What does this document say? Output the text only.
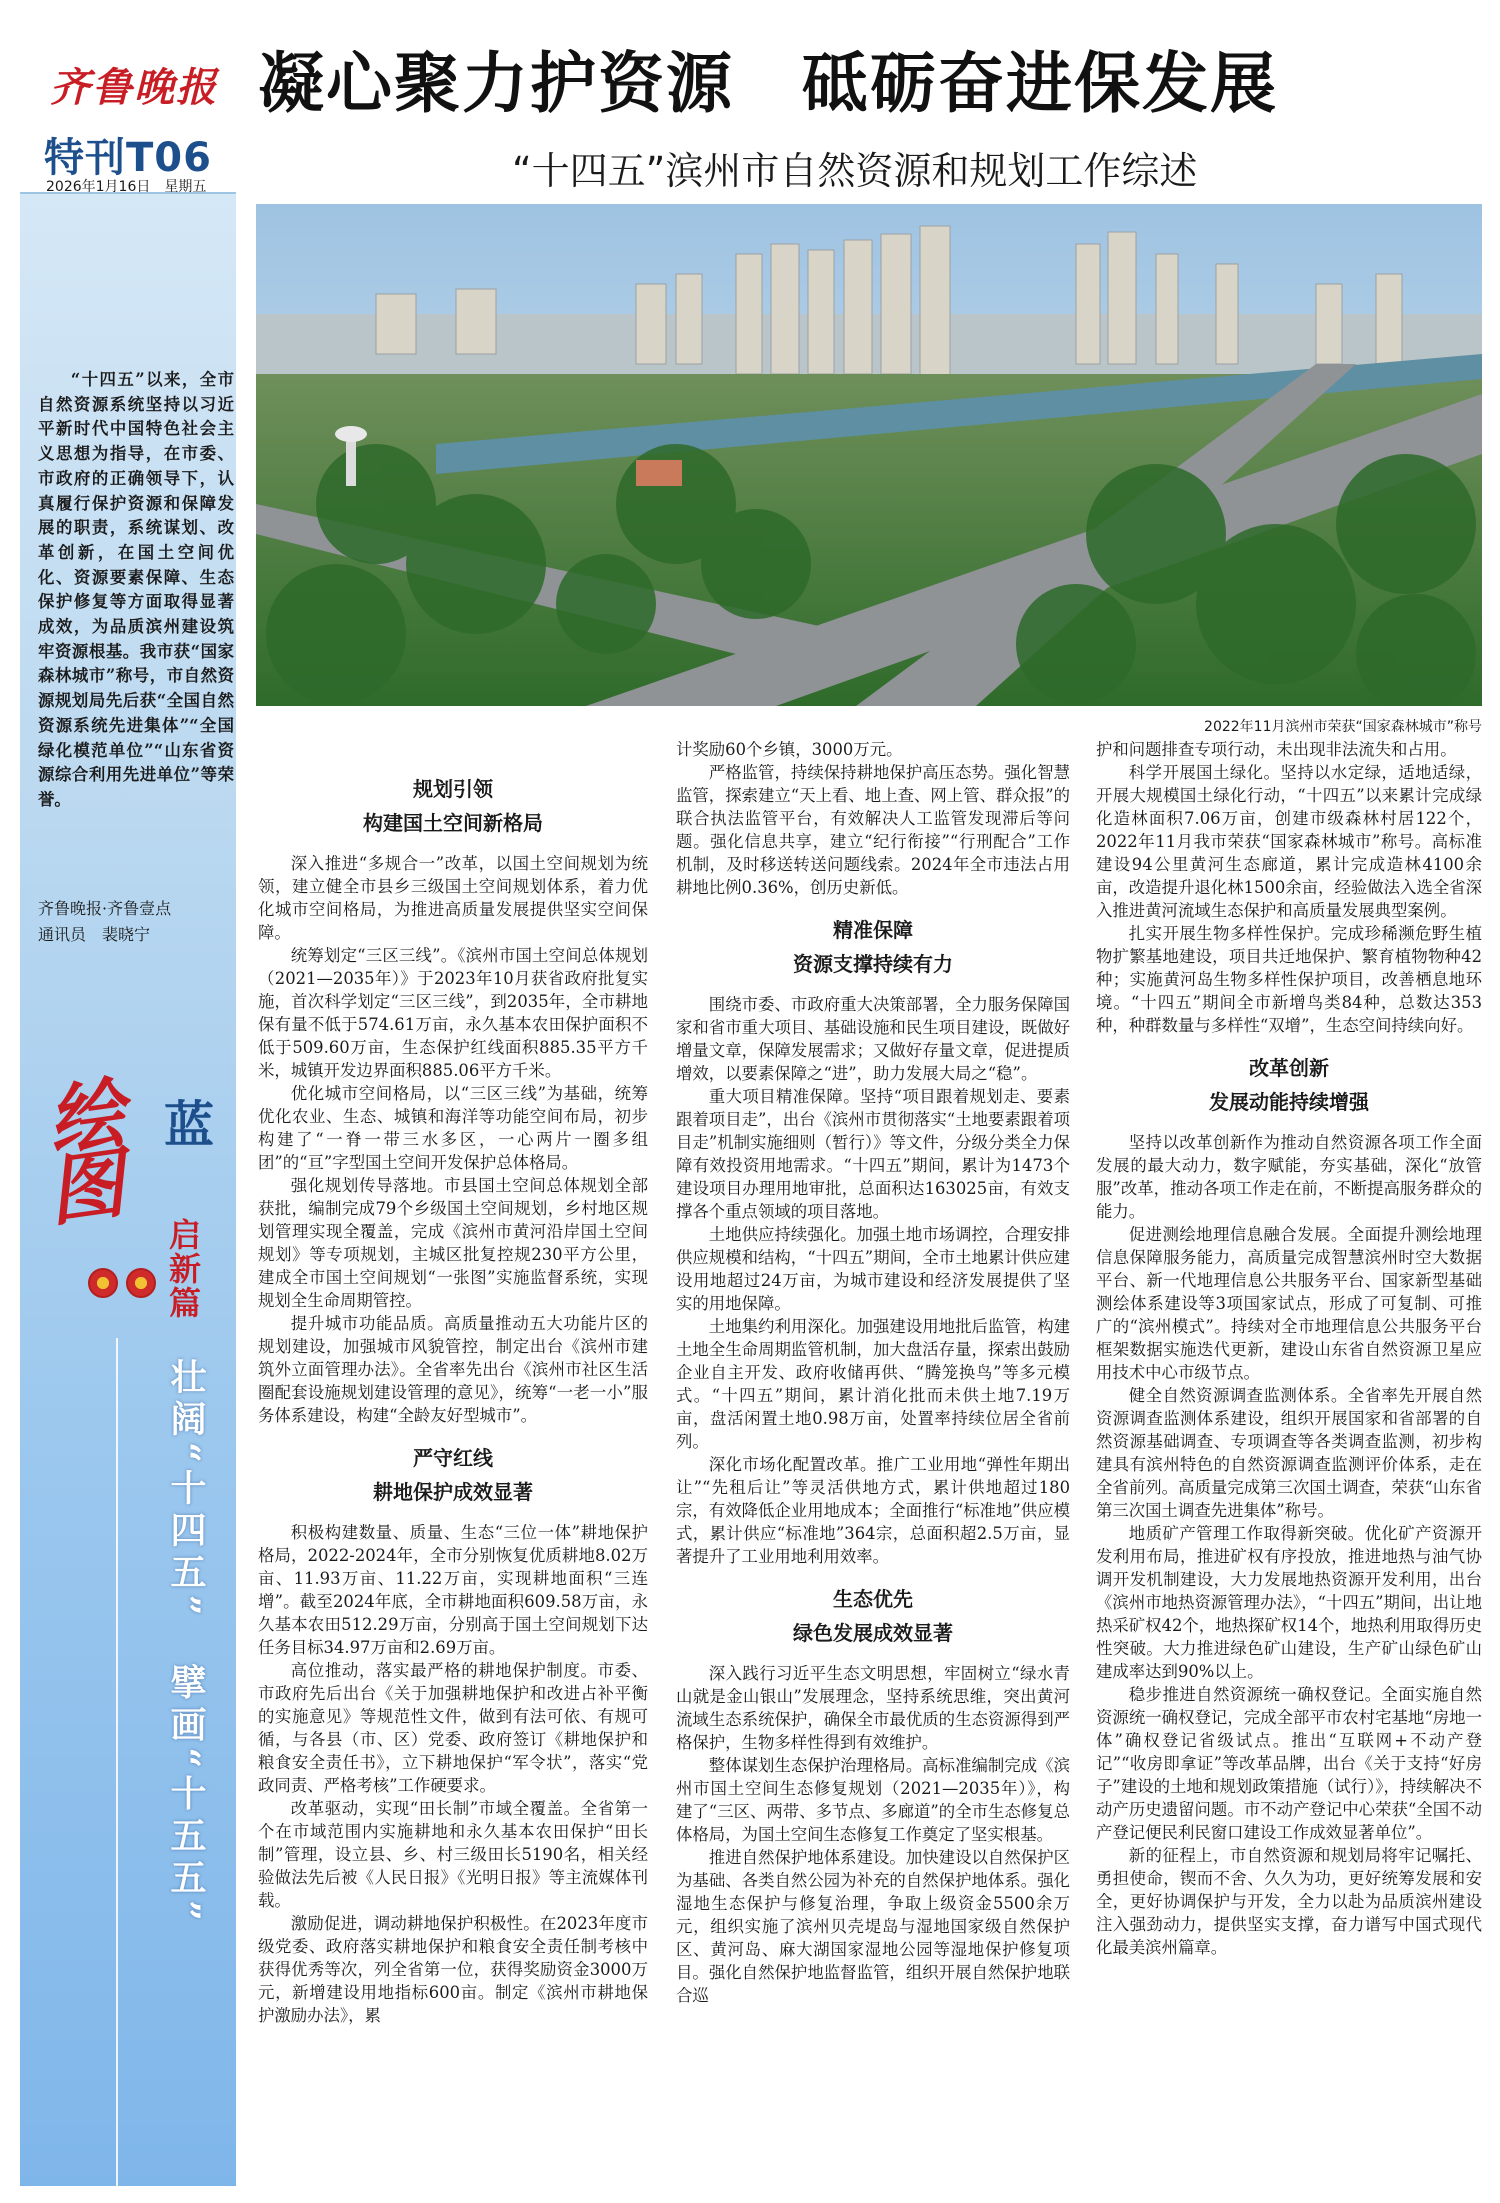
齐鲁晚报
特刊T06
2026年1月16日 星期五
“十四五”以来，全市自然资源系统坚持以习近平新时代中国特色社会主义思想为指导，在市委、市政府的正确领导下，认真履行保护资源和保障发展的职责，系统谋划、改革创新，在国土空间优化、资源要素保障、生态保护修复等方面取得显著成效，为品质滨州建设筑牢资源根基。我市获“国家森林城市”称号，市自然资源规划局先后获“全国自然资源系统先进集体”“全国绿化模范单位”“山东省资源综合利用先进单位”等荣誉。
齐鲁晚报·齐鲁壹点
通讯员　裴晓宁
绘
图
蓝
启新篇
壮阔“十四五”　擘画“十五五”
凝心聚力护资源　砥砺奋进保发展
“十四五”滨州市自然资源和规划工作综述
2022年11月滨州市荣获“国家森林城市”称号
规划引领
构建国土空间新格局

深入推进“多规合一”改革，以国土空间规划为统领，建立健全市县乡三级国土空间规划体系，着力优化城市空间格局，为推进高质量发展提供坚实空间保障。

统筹划定“三区三线”。《滨州市国土空间总体规划（2021—2035年）》于2023年10月获省政府批复实施，首次科学划定“三区三线”，到2035年，全市耕地保有量不低于574.61万亩，永久基本农田保护面积不低于509.60万亩，生态保护红线面积885.35平方千米，城镇开发边界面积885.06平方千米。

优化城市空间格局，以“三区三线”为基础，统筹优化农业、生态、城镇和海洋等功能空间布局，初步构建了“一脊一带三水多区，一心两片一圈多组团”的“亘”字型国土空间开发保护总体格局。

强化规划传导落地。市县国土空间总体规划全部获批，编制完成79个乡级国土空间规划，乡村地区规划管理实现全覆盖，完成《滨州市黄河沿岸国土空间规划》等专项规划，主城区批复控规230平方公里，建成全市国土空间规划“一张图”实施监督系统，实现规划全生命周期管控。

提升城市功能品质。高质量推动五大功能片区的规划建设，加强城市风貌管控，制定出台《滨州市建筑外立面管理办法》。全省率先出台《滨州市社区生活圈配套设施规划建设管理的意见》，统筹“一老一小”服务体系建设，构建“全龄友好型城市”。

严守红线
耕地保护成效显著

积极构建数量、质量、生态“三位一体”耕地保护格局，2022-2024年，全市分别恢复优质耕地8.02万亩、11.93万亩、11.22万亩，实现耕地面积“三连增”。截至2024年底，全市耕地面积609.58万亩，永久基本农田512.29万亩，分别高于国土空间规划下达任务目标34.97万亩和2.69万亩。

高位推动，落实最严格的耕地保护制度。市委、市政府先后出台《关于加强耕地保护和改进占补平衡的实施意见》等规范性文件，做到有法可依、有规可循，与各县（市、区）党委、政府签订《耕地保护和粮食安全责任书》，立下耕地保护“军令状”，落实“党政同责、严格考核”工作硬要求。

改革驱动，实现“田长制”市域全覆盖。全省第一个在市域范围内实施耕地和永久基本农田保护“田长制”管理，设立县、乡、村三级田长5190名，相关经验做法先后被《人民日报》《光明日报》等主流媒体刊载。

激励促进，调动耕地保护积极性。在2023年度市级党委、政府落实耕地保护和粮食安全责任制考核中获得优秀等次，列全省第一位，获得奖励资金3000万元，新增建设用地指标600亩。制定《滨州市耕地保护激励办法》，累

计奖励60个乡镇，3000万元。

严格监管，持续保持耕地保护高压态势。强化智慧监管，探索建立“天上看、地上查、网上管、群众报”的联合执法监管平台，有效解决人工监管发现滞后等问题。强化信息共享，建立“纪行衔接”“行刑配合”工作机制，及时移送转送问题线索。2024年全市违法占用耕地比例0.36%，创历史新低。

精准保障
资源支撑持续有力

围绕市委、市政府重大决策部署，全力服务保障国家和省市重大项目、基础设施和民生项目建设，既做好增量文章，保障发展需求；又做好存量文章，促进提质增效，以要素保障之“进”，助力发展大局之“稳”。

重大项目精准保障。坚持“项目跟着规划走、要素跟着项目走”，出台《滨州市贯彻落实“土地要素跟着项目走”机制实施细则（暂行）》等文件，分级分类全力保障有效投资用地需求。“十四五”期间，累计为1473个建设项目办理用地审批，总面积达163025亩，有效支撑各个重点领域的项目落地。

土地供应持续强化。加强土地市场调控，合理安排供应规模和结构，“十四五”期间，全市土地累计供应建设用地超过24万亩，为城市建设和经济发展提供了坚实的用地保障。

土地集约利用深化。加强建设用地批后监管，构建土地全生命周期监管机制，加大盘活存量，探索出鼓励企业自主开发、政府收储再供、“腾笼换鸟”等多元模式。“十四五”期间，累计消化批而未供土地7.19万亩，盘活闲置土地0.98万亩，处置率持续位居全省前列。

深化市场化配置改革。推广工业用地“弹性年期出让”“先租后让”等灵活供地方式，累计供地超过180宗，有效降低企业用地成本；全面推行“标准地”供应模式，累计供应“标准地”364宗，总面积超2.5万亩，显著提升了工业用地利用效率。

生态优先
绿色发展成效显著

深入践行习近平生态文明思想，牢固树立“绿水青山就是金山银山”发展理念，坚持系统思维，突出黄河流域生态系统保护，确保全市最优质的生态资源得到严格保护，生物多样性得到有效维护。

整体谋划生态保护治理格局。高标准编制完成《滨州市国土空间生态修复规划（2021—2035年）》，构建了“三区、两带、多节点、多廊道”的全市生态修复总体格局，为国土空间生态修复工作奠定了坚实根基。

推进自然保护地体系建设。加快建设以自然保护区为基础、各类自然公园为补充的自然保护地体系。强化湿地生态保护与修复治理，争取上级资金5500余万元，组织实施了滨州贝壳堤岛与湿地国家级自然保护区、黄河岛、麻大湖国家湿地公园等湿地保护修复项目。强化自然保护地监督监管，组织开展自然保护地联合巡

护和问题排查专项行动，未出现非法流失和占用。

科学开展国土绿化。坚持以水定绿，适地适绿，开展大规模国土绿化行动，“十四五”以来累计完成绿化造林面积7.06万亩，创建市级森林村居122个，2022年11月我市荣获“国家森林城市”称号。高标准建设94公里黄河生态廊道，累计完成造林4100余亩，改造提升退化林1500余亩，经验做法入选全省深入推进黄河流域生态保护和高质量发展典型案例。

扎实开展生物多样性保护。完成珍稀濒危野生植物扩繁基地建设，项目共迁地保护、繁育植物物种42种；实施黄河岛生物多样性保护项目，改善栖息地环境。“十四五”期间全市新增鸟类84种，总数达353种，种群数量与多样性“双增”，生态空间持续向好。

改革创新
发展动能持续增强

坚持以改革创新作为推动自然资源各项工作全面发展的最大动力，数字赋能，夯实基础，深化“放管服”改革，推动各项工作走在前，不断提高服务群众的能力。

促进测绘地理信息融合发展。全面提升测绘地理信息保障服务能力，高质量完成智慧滨州时空大数据平台、新一代地理信息公共服务平台、国家新型基础测绘体系建设等3项国家试点，形成了可复制、可推广的“滨州模式”。持续对全市地理信息公共服务平台框架数据实施迭代更新，建设山东省自然资源卫星应用技术中心市级节点。

健全自然资源调查监测体系。全省率先开展自然资源调查监测体系建设，组织开展国家和省部署的自然资源基础调查、专项调查等各类调查监测，初步构建具有滨州特色的自然资源调查监测评价体系，走在全省前列。高质量完成第三次国土调查，荣获“山东省第三次国土调查先进集体”称号。

地质矿产管理工作取得新突破。优化矿产资源开发利用布局，推进矿权有序投放，推进地热与油气协调开发机制建设，大力发展地热资源开发利用，出台《滨州市地热资源管理办法》，“十四五”期间，出让地热采矿权42个，地热探矿权14个，地热利用取得历史性突破。大力推进绿色矿山建设，生产矿山绿色矿山建成率达到90%以上。

稳步推进自然资源统一确权登记。全面实施自然资源统一确权登记，完成全部平市农村宅基地“房地一体”确权登记省级试点。推出“互联网+不动产登记”“收房即拿证”等改革品牌，出台《关于支持“好房子”建设的土地和规划政策措施（试行）》，持续解决不动产历史遗留问题。市不动产登记中心荣获“全国不动产登记便民利民窗口建设工作成效显著单位”。

新的征程上，市自然资源和规划局将牢记嘱托、勇担使命，锲而不舍、久久为功，更好统筹发展和安全，更好协调保护与开发，全力以赴为品质滨州建设注入强劲动力，提供坚实支撑，奋力谱写中国式现代化最美滨州篇章。
